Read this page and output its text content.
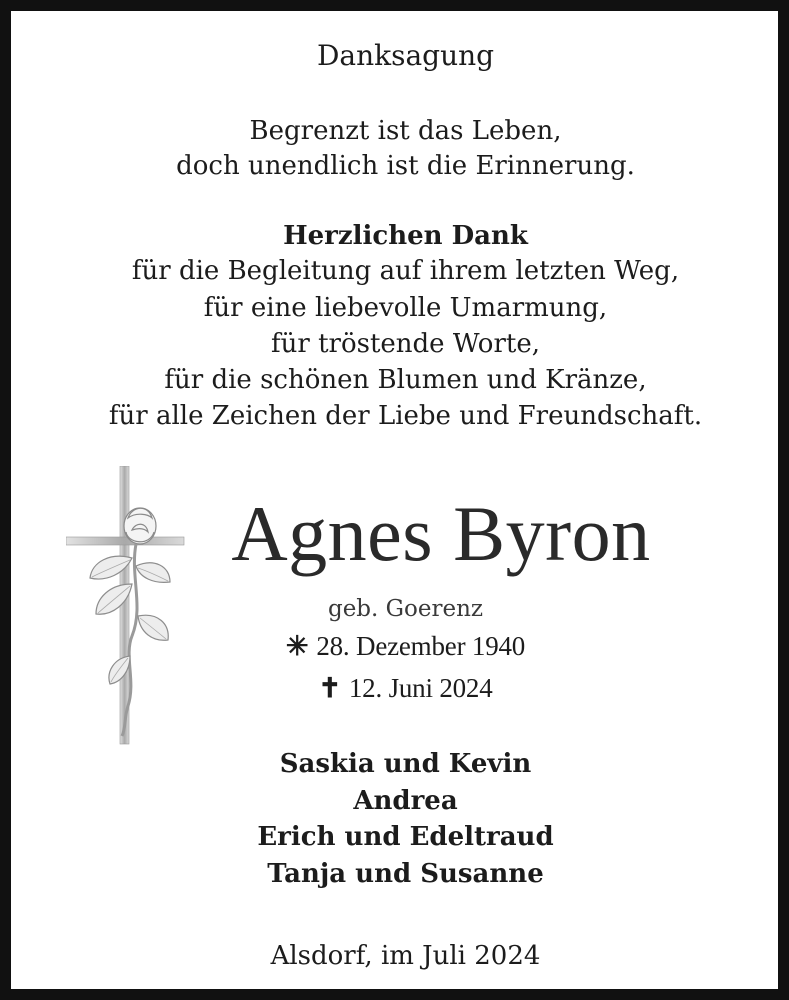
Danksagung
Begrenzt ist das Leben,
doch unendlich ist die Erinnerung.
Herzlichen Dank
für die Begleitung auf ihrem letzten Weg,
für eine liebevolle Umarmung,
für tröstende Worte,
für die schönen Blumen und Kränze,
für alle Zeichen der Liebe und Freundschaft.
Agnes Byron
geb. Goerenz
✳ 28. Dezember 1940
✝ 12. Juni 2024
Saskia und Kevin
Andrea
Erich und Edeltraud
Tanja und Susanne
Alsdorf, im Juli 2024
